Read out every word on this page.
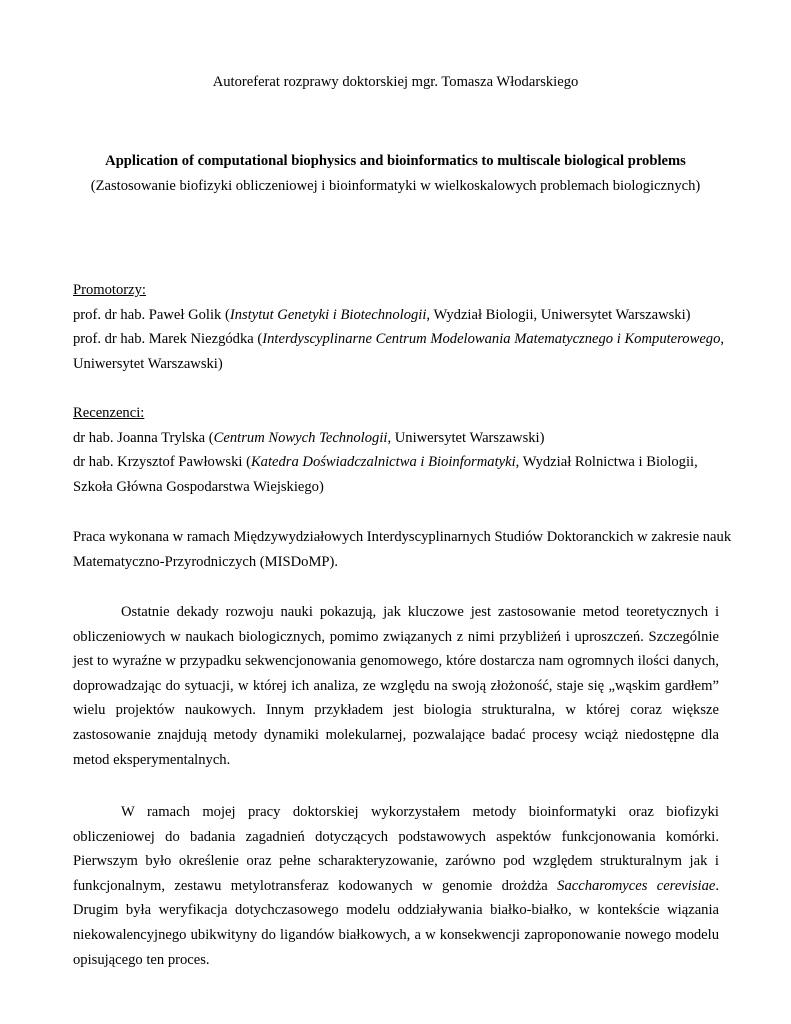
Autoreferat rozprawy doktorskiej mgr. Tomasza Włodarskiego
Application of computational biophysics and bioinformatics to multiscale biological problems
(Zastosowanie biofizyki obliczeniowej i bioinformatyki w wielkoskalowych problemach biologicznych)
Promotorzy:
prof. dr hab. Paweł Golik (Instytut Genetyki i Biotechnologii, Wydział Biologii, Uniwersytet Warszawski)
prof. dr hab. Marek Niezgódka (Interdyscyplinarne Centrum Modelowania Matematycznego i Komputerowego,
Uniwersytet Warszawski)
Recenzenci:
dr hab. Joanna Trylska (Centrum Nowych Technologii, Uniwersytet Warszawski)
dr hab. Krzysztof Pawłowski (Katedra Doświadczalnictwa i Bioinformatyki, Wydział Rolnictwa i Biologii,
Szkoła Główna Gospodarstwa Wiejskiego)
Praca wykonana w ramach Międzywydziałowych Interdyscyplinarnych Studiów Doktoranckich w zakresie nauk
Matematyczno-Przyrodniczych (MISDoMP).
Ostatnie dekady rozwoju nauki pokazują, jak kluczowe jest zastosowanie metod teoretycznych i obliczeniowych w naukach biologicznych, pomimo związanych z nimi przybliżeń i uproszczeń. Szczególnie jest to wyraźne w przypadku sekwencjonowania genomowego, które dostarcza nam ogromnych ilości danych, doprowadzając do sytuacji, w której ich analiza, ze względu na swoją złożoność, staje się „wąskim gardłem” wielu projektów naukowych. Innym przykładem jest biologia strukturalna, w której coraz większe zastosowanie znajdują metody dynamiki molekularnej, pozwalające badać procesy wciąż niedostępne dla metod eksperymentalnych.
W ramach mojej pracy doktorskiej wykorzystałem metody bioinformatyki oraz biofizyki obliczeniowej do badania zagadnień dotyczących podstawowych aspektów funkcjonowania komórki. Pierwszym było określenie oraz pełne scharakteryzowanie, zarówno pod względem strukturalnym jak i funkcjonalnym, zestawu metylotransferaz kodowanych w genomie drożdża Saccharomyces cerevisiae. Drugim była weryfikacja dotychczasowego modelu oddziaływania białko-białko, w kontekście wiązania niekowalencyjnego ubikwityny do ligandów białkowych, a w konsekwencji zaproponowanie nowego modelu opisującego ten proces.
